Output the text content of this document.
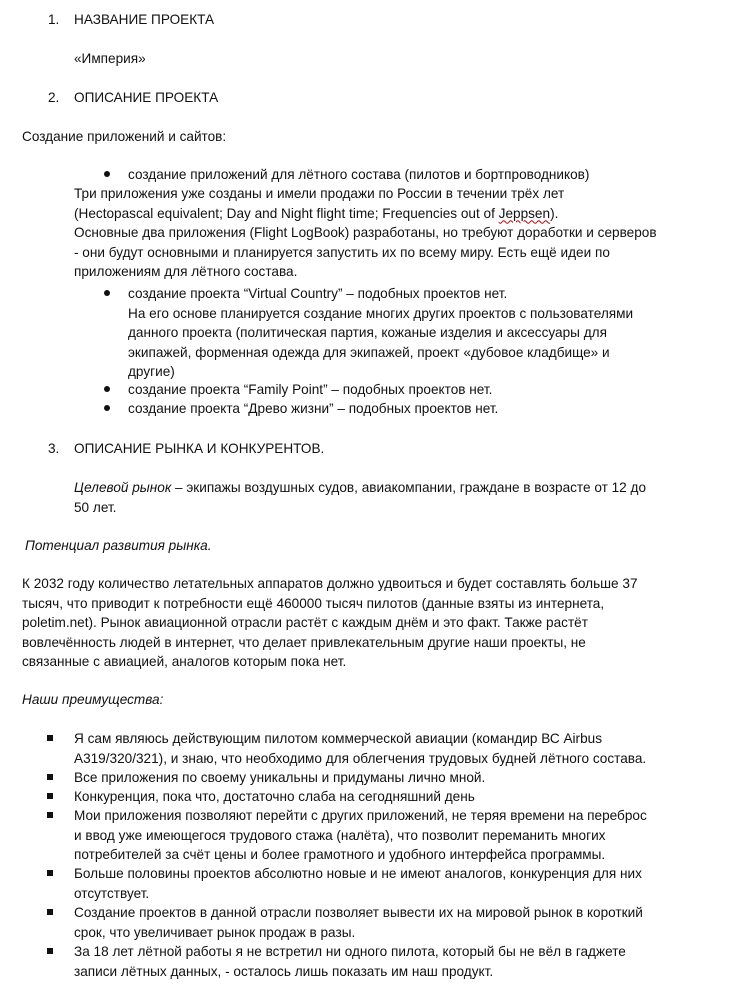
1. НАЗВАНИЕ ПРОЕКТА
«Империя»
2. ОПИСАНИЕ ПРОЕКТА
Создание приложений и сайтов:
создание приложений для лётного состава (пилотов и бортпроводников)
Три приложения уже созданы и имели продажи по России в течении трёх лет
(Hectopascal equivalent; Day and Night flight time; Frequencies out of Jeppsen).
Основные два приложения (Flight LogBook) разработаны, но требуют доработки и серверов
- они будут основными и планируется запустить их по всему миру. Есть ещё идеи по
приложениям для лётного состава.
создание проекта “Virtual Country” – подобных проектов нет.
На его основе планируется создание многих других проектов с пользователями
данного проекта (политическая партия, кожаные изделия и аксессуары для
экипажей, форменная одежда для экипажей, проект «дубовое кладбище» и
другие)
создание проекта “Family Point” – подобных проектов нет.
создание проекта “Древо жизни” – подобных проектов нет.
3. ОПИСАНИЕ РЫНКА И КОНКУРЕНТОВ.
Целевой рынок – экипажы воздушных судов, авиакомпании, граждане в возрасте от 12 до
50 лет.
Потенциал развития рынка.
К 2032 году количество летательных аппаратов должно удвоиться и будет составлять больше 37
тысяч, что приводит к потребности ещё 460000 тысяч пилотов (данные взяты из интернета,
poletim.net). Рынок авиационной отрасли растёт с каждым днём и это факт. Также растёт
вовлечённость людей в интернет, что делает привлекательным другие наши проекты, не
связанные с авиацией, аналогов которым пока нет.
Наши преимущества:
Я сам являюсь действующим пилотом коммерческой авиации (командир ВС Airbus
A319/320/321), и знаю, что необходимо для облегчения трудовых будней лётного состава.
Все приложения по своему уникальны и придуманы лично мной.
Конкуренция, пока что, достаточно слаба на сегодняшний день
Мои приложения позволяют перейти с других приложений, не теряя времени на переброс
и ввод уже имеющегося трудового стажа (налёта), что позволит переманить многих
потребителей за счёт цены и более грамотного и удобного интерфейса программы.
Больше половины проектов абсолютно новые и не имеют аналогов, конкуренция для них
отсутствует.
Создание проектов в данной отрасли позволяет вывести их на мировой рынок в короткий
срок, что увеличивает рынок продаж в разы.
За 18 лет лётной работы я не встретил ни одного пилота, который бы не вёл в гаджете
записи лётных данных, - осталось лишь показать им наш продукт.
